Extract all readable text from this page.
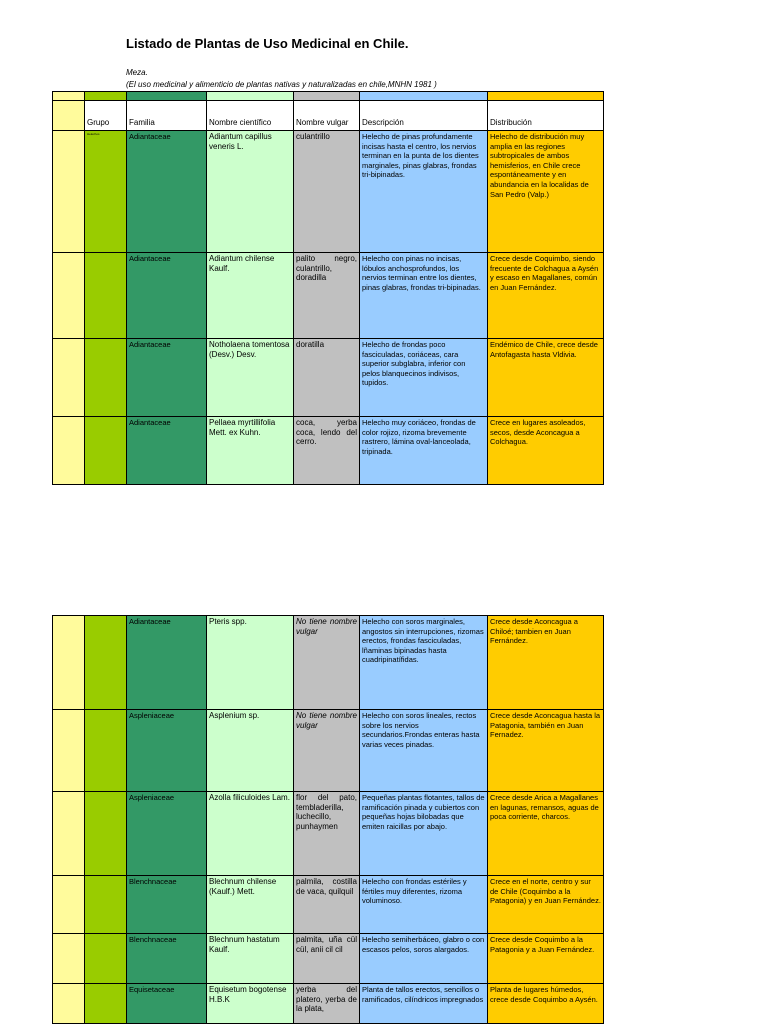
Listado de Plantas de Uso Medicinal en Chile.
Meza.
(El uso medicinal y alimenticio de plantas nativas y naturalizadas en chile,MNHN 1981 )

	Grupo	Familia	Nombre científico	Nombre vulgar	Descripción	Distribución
	Helechos	Adiantaceae	Adiantum capillus veneris L.	culantrillo	Helecho de pinas profundamente incisas hasta el centro, los nervios terminan en la punta de los dientes marginales, pinas glabras, frondas tri-bipinadas.	Helecho de distribución muy amplia en las regiones subtropicales de ambos hemisferios, en Chile crece espontáneamente y en abundancia en la localidas de San Pedro (Valp.)
		Adiantaceae	Adiantum chilense Kaulf.	palito negro, culantrillo, doradilla	Helecho con pinas no incisas, lóbulos anchosprofundos, los nervios terminan entre los dientes, pinas glabras, frondas tri-bipinadas.	Crece desde Coquimbo, siendo frecuente de Colchagua a Aysén y escaso en Magallanes, común en Juan Fernández.
		Adiantaceae	Notholaena tomentosa (Desv.) Desv.	doratilla	Helecho de frondas poco fasciculadas, coriáceas, cara superior subglabra, inferior con pelos blanquecinos indivisos, tupidos.	Endémico de Chile, crece desde Antofagasta hasta Vldivia.
		Adiantaceae	Pellaea myrtillifolia Mett. ex Kuhn.	coca, yerba coca, lendo del cerro.	Helecho muy coriáceo, frondas de color rojizo, rizoma brevemente rastrero, lámina oval-lanceolada, tripinada.	Crece en lugares asoleados, secos, desde Aconcagua a Colchagua.
		Adiantaceae	Pteris spp.	No tiene nombre vulgar	Helecho con soros marginales, angostos sin interrupciones, rizomas erectos, frondas fasciculadas, lñaminas bipinadas hasta cuadripinatífidas.	Crece desde Aconcagua a Chiloé; tambien en Juan Fernández.
		Aspleniaceae	Asplenium sp.	No tiene nombre vulgar	Helecho con soros lineales, rectos sobre los nervios secundarios.Frondas enteras hasta varias veces pinadas.	Crece desde Aconcagua hasta la Patagonia, también en Juan Fernadez.
		Aspleniaceae	Azolla filiculoides Lam.	flor del pato, tembladerilla, luchecillo, punhaymen	Pequeñas plantas flotantes, tallos de ramificación pinada y cubiertos con pequeñas hojas bilobadas que emiten raicillas por abajo.	Crece desde Arica a Magallanes en lagunas, remansos, aguas de poca corriente, charcos.
		Blenchnaceae	Blechnum chilense (Kaulf.) Mett.	palmila, costilla de vaca, quilquil	Helecho con frondas estériles y fértiles muy diferentes, rizoma voluminoso.	Crece en el norte, centro y sur de Chile (Coquimbo a la Patagonia) y en Juan Fernández.
		Blenchnaceae	Blechnum hastatum Kaulf.	palmita, uña cül cül, anii cil cil	Helecho semiherbáceo, glabro o con escasos pelos, soros alargados.	Crece desde Coquimbo a la Patagonia y a Juan Fernández.
		Equisetaceae	Equisetum bogotense H.B.K	yerba del platero, yerba de la plata,	Planta de tallos erectos, sencillos o ramificados, cilíndricos impregnados	Planta de lugares húmedos, crece desde Coquimbo a Aysén.
